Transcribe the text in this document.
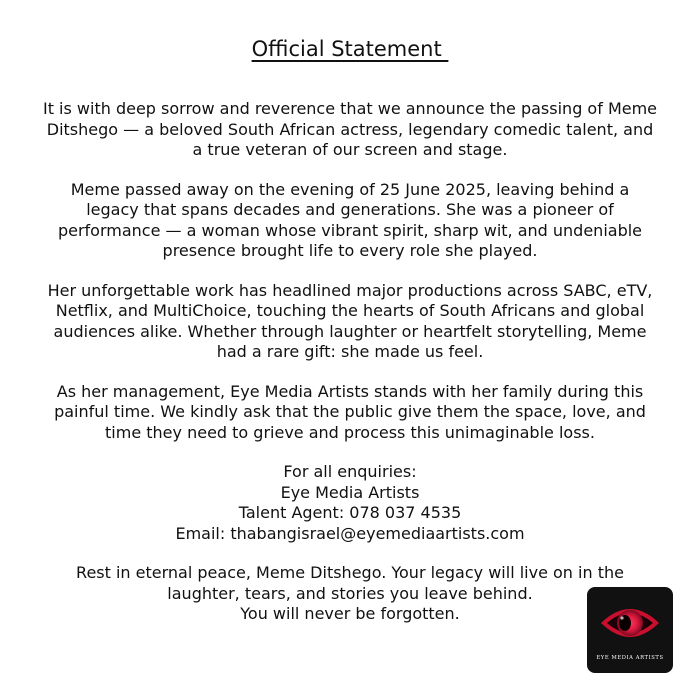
Official Statement
It is with deep sorrow and reverence that we announce the passing of Meme
Ditshego — a beloved South African actress, legendary comedic talent, and
a true veteran of our screen and stage.
Meme passed away on the evening of 25 June 2025, leaving behind a
legacy that spans decades and generations. She was a pioneer of
performance — a woman whose vibrant spirit, sharp wit, and undeniable
presence brought life to every role she played.
Her unforgettable work has headlined major productions across SABC, eTV,
Netflix, and MultiChoice, touching the hearts of South Africans and global
audiences alike. Whether through laughter or heartfelt storytelling, Meme
had a rare gift: she made us feel.
As her management, Eye Media Artists stands with her family during this
painful time. We kindly ask that the public give them the space, love, and
time they need to grieve and process this unimaginable loss.
For all enquiries:
Eye Media Artists
Talent Agent: 078 037 4535
Email: thabangisrael@eyemediaartists.com
Rest in eternal peace, Meme Ditshego. Your legacy will live on in the
laughter, tears, and stories you leave behind.
You will never be forgotten.
EYE MEDIA ARTISTS
